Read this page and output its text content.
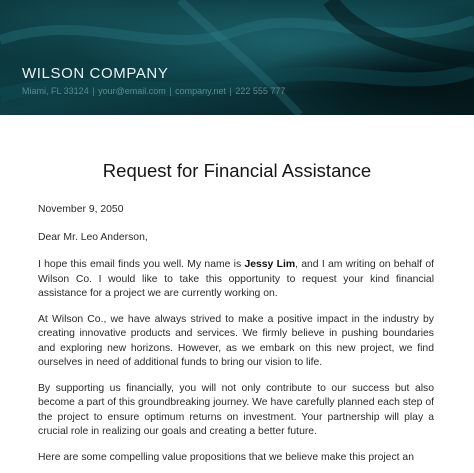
WILSON COMPANY
Miami, FL 33124 | your@email.com | company.net | 222 555 777
Request for Financial Assistance

November 9, 2050

Dear Mr. Leo Anderson,

I hope this email finds you well. My name is Jessy Lim, and I am writing on behalf of Wilson Co. I would like to take this opportunity to request your kind financial assistance for a project we are currently working on.

At Wilson Co., we have always strived to make a positive impact in the industry by creating innovative products and services. We firmly believe in pushing boundaries and exploring new horizons. However, as we embark on this new project, we find ourselves in need of additional funds to bring our vision to life.

By supporting us financially, you will not only contribute to our success but also become a part of this groundbreaking journey. We have carefully planned each step of the project to ensure optimum returns on investment. Your partnership will play a crucial role in realizing our goals and creating a better future.

Here are some compelling value propositions that we believe make this project an
